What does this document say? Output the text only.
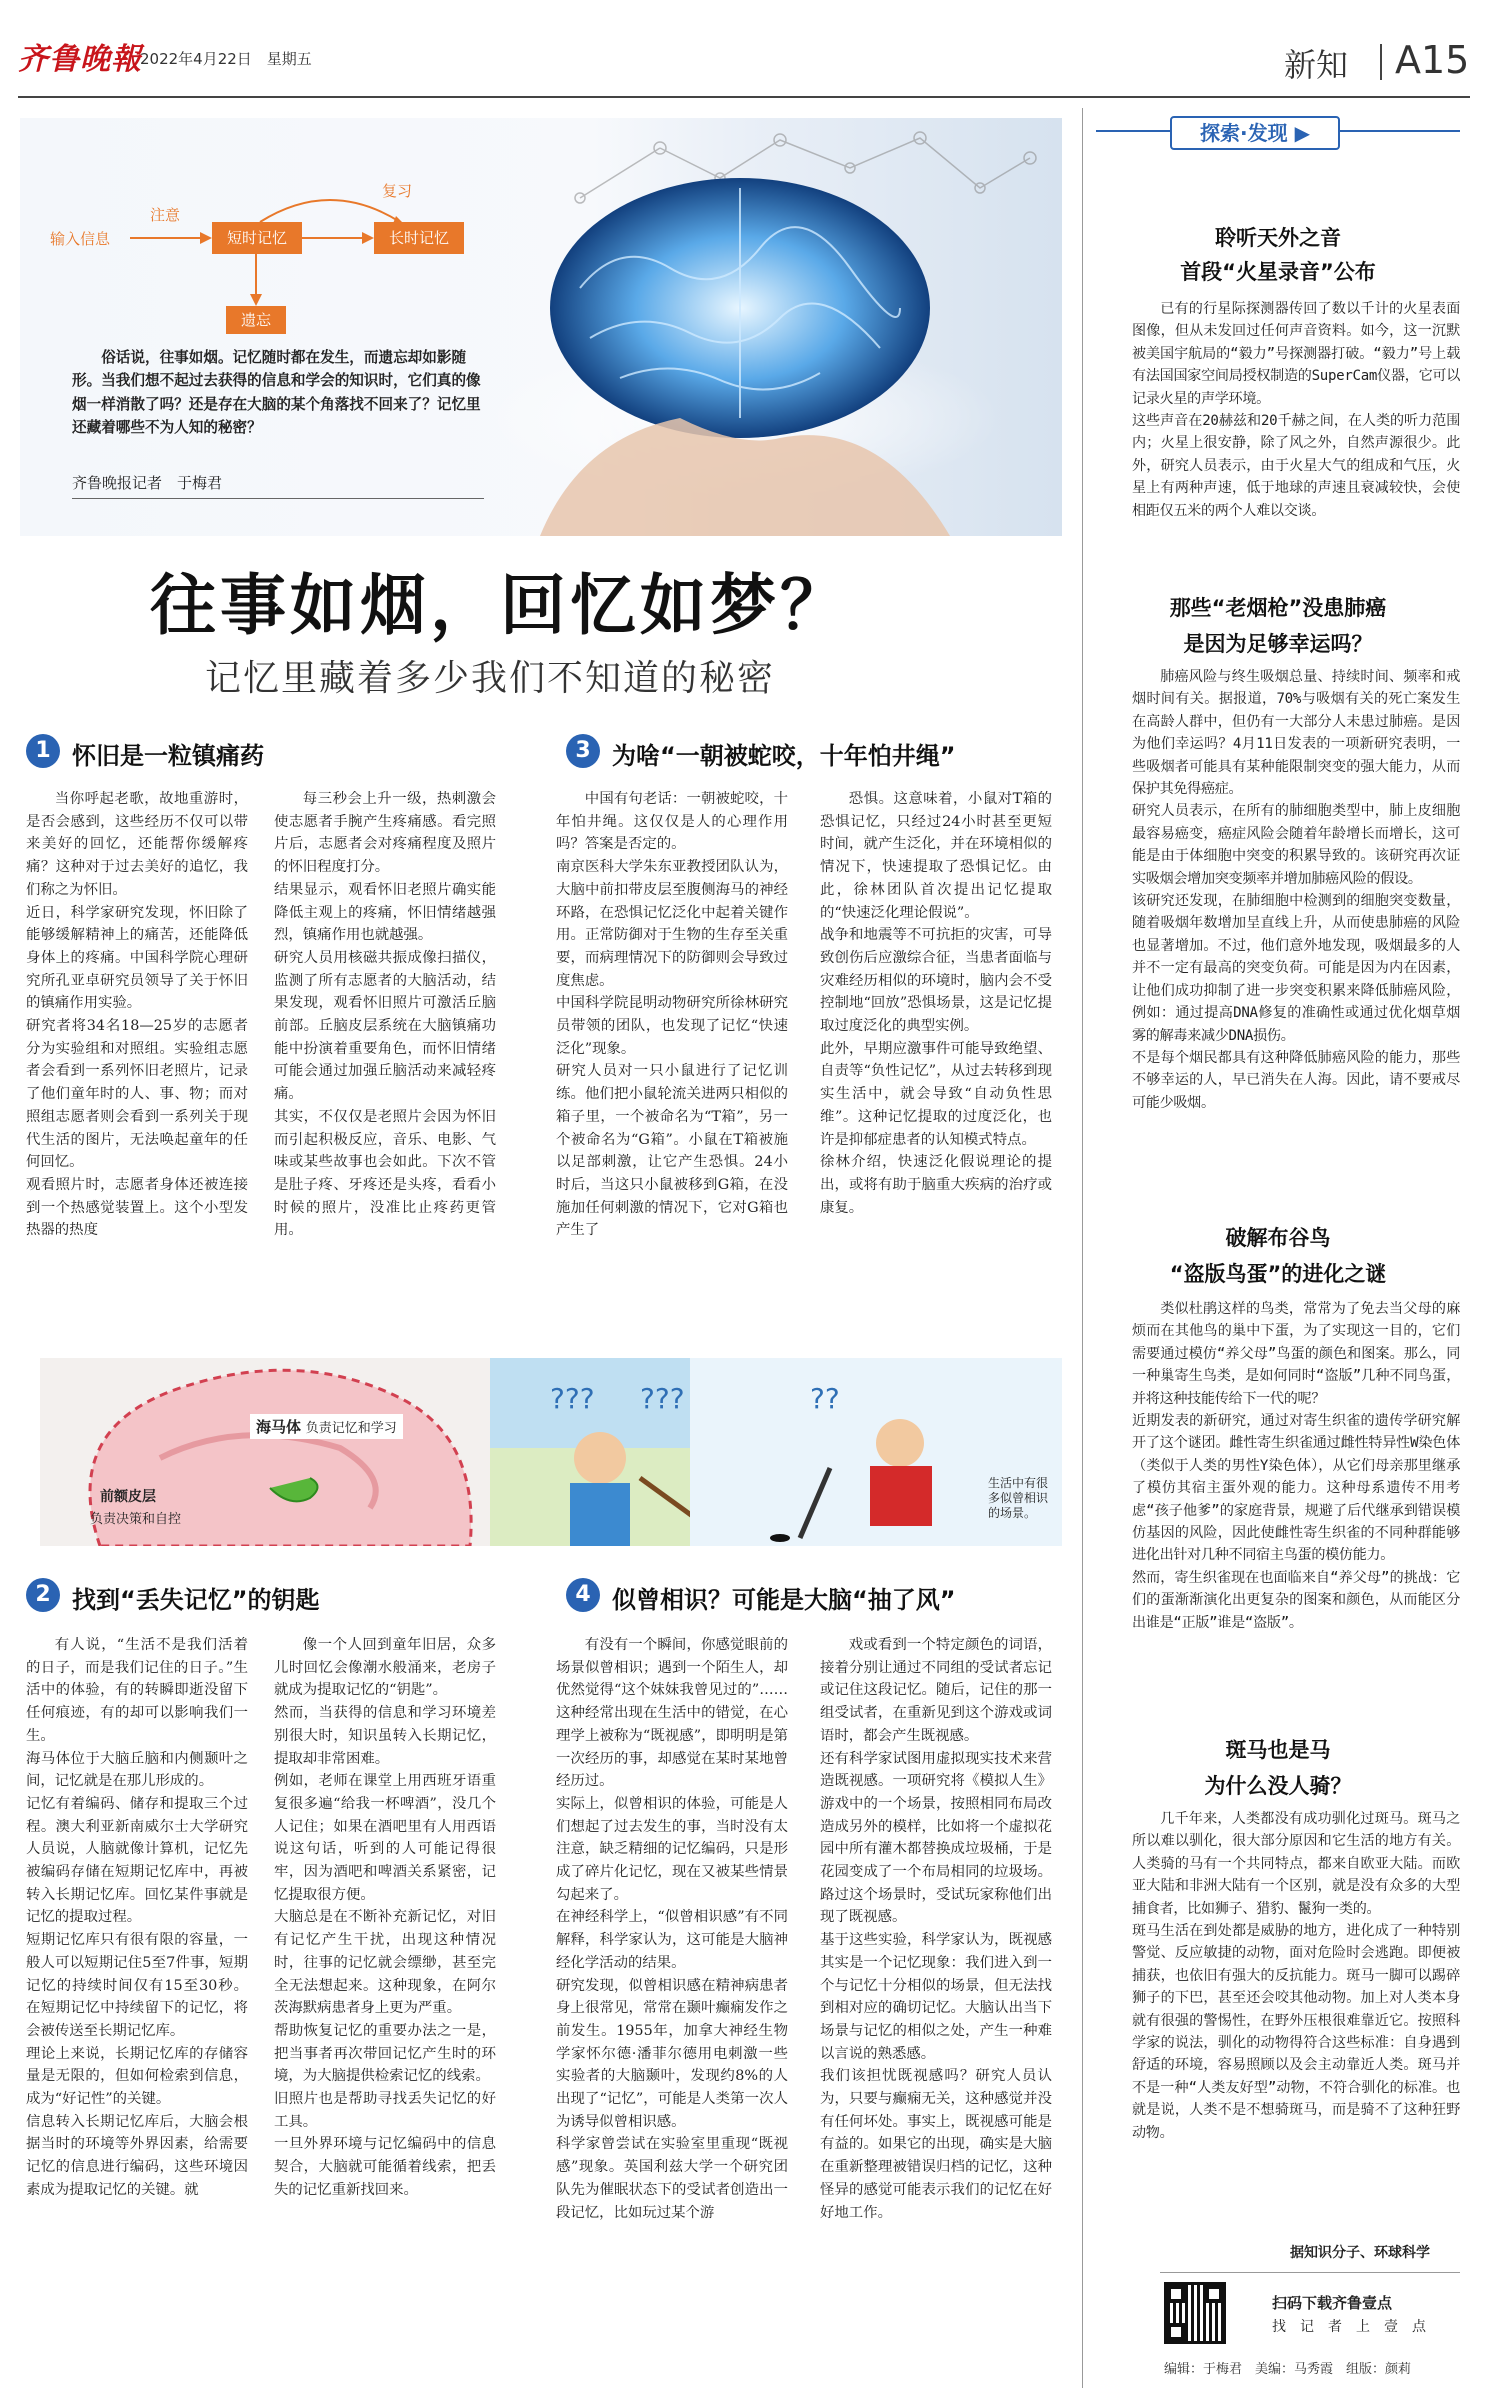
齐鲁晚報
2022年4月22日　星期五	新知 A15
输入信息
注意
短时记忆
复习
长时记忆
遗忘
俗话说，往事如烟。记忆随时都在发生，而遗忘却如影随形。当我们想不起过去获得的信息和学会的知识时，它们真的像烟一样消散了吗？还是存在大脑的某个角落找不回来了？记忆里还藏着哪些不为人知的秘密？
齐鲁晚报记者　于梅君
往事如烟，回忆如梦？
记忆里藏着多少我们不知道的秘密
1 怀旧是一粒镇痛药

当你呼起老歌，故地重游时，是否会感到，这些经历不仅可以带来美好的回忆，还能帮你缓解疼痛？这种对于过去美好的追忆，我们称之为怀旧。
近日，科学家研究发现，怀旧除了能够缓解精神上的痛苦，还能降低身体上的疼痛。中国科学院心理研究所孔亚卓研究员领导了关于怀旧的镇痛作用实验。
研究者将34名18—25岁的志愿者分为实验组和对照组。实验组志愿者会看到一系列怀旧老照片，记录了他们童年时的人、事、物；而对照组志愿者则会看到一系列关于现代生活的图片，无法唤起童年的任何回忆。
观看照片时，志愿者身体还被连接到一个热感觉装置上。这个小型发热器的热度

每三秒会上升一级，热刺激会使志愿者手腕产生疼痛感。看完照片后，志愿者会对疼痛程度及照片的怀旧程度打分。
结果显示，观看怀旧老照片确实能降低主观上的疼痛，怀旧情绪越强烈，镇痛作用也就越强。
研究人员用核磁共振成像扫描仪，监测了所有志愿者的大脑活动，结果发现，观看怀旧照片可激活丘脑前部。丘脑皮层系统在大脑镇痛功能中扮演着重要角色，而怀旧情绪可能会通过加强丘脑活动来减轻疼痛。
其实，不仅仅是老照片会因为怀旧而引起积极反应，音乐、电影、气味或某些故事也会如此。下次不管是肚子疼、牙疼还是头疼，看看小时候的照片，没准比止疼药更管用。

3 为啥“一朝被蛇咬，十年怕井绳”

中国有句老话：一朝被蛇咬，十年怕井绳。这仅仅是人的心理作用吗？答案是否定的。
南京医科大学朱东亚教授团队认为，大脑中前扣带皮层至腹侧海马的神经环路，在恐惧记忆泛化中起着关键作用。正常防御对于生物的生存至关重要，而病理情况下的防御则会导致过度焦虑。
中国科学院昆明动物研究所徐林研究员带领的团队，也发现了记忆“快速泛化”现象。
研究人员对一只小鼠进行了记忆训练。他们把小鼠轮流关进两只相似的箱子里，一个被命名为“T箱”，另一个被命名为“G箱”。小鼠在T箱被施以足部刺激，让它产生恐惧。24小时后，当这只小鼠被移到G箱，在没施加任何刺激的情况下，它对G箱也产生了

恐惧。这意味着，小鼠对T箱的恐惧记忆，只经过24小时甚至更短时间，就产生泛化，并在环境相似的情况下，快速提取了恐惧记忆。由此，徐林团队首次提出记忆提取的“快速泛化理论假说”。
战争和地震等不可抗拒的灾害，可导致创伤后应激综合征，当患者面临与灾难经历相似的环境时，脑内会不受控制地“回放”恐惧场景，这是记忆提取过度泛化的典型实例。
此外，早期应激事件可能导致绝望、自责等“负性记忆”，从过去转移到现实生活中，就会导致“自动负性思维”。这种记忆提取的过度泛化，也许是抑郁症患者的认知模式特点。
徐林介绍，快速泛化假说理论的提出，或将有助于脑重大疾病的治疗或康复。

??? ???	??
海马体 负责记忆和学习
前额皮层
负责决策和自控
生活中有很多似曾相识的场景。
2 找到“丢失记忆”的钥匙

有人说，“生活不是我们活着的日子，而是我们记住的日子。”生活中的体验，有的转瞬即逝没留下任何痕迹，有的却可以影响我们一生。
海马体位于大脑丘脑和内侧颞叶之间，记忆就是在那儿形成的。
记忆有着编码、储存和提取三个过程。澳大利亚新南威尔士大学研究人员说，人脑就像计算机，记忆先被编码存储在短期记忆库中，再被转入长期记忆库。回忆某件事就是记忆的提取过程。
短期记忆库只有很有限的容量，一般人可以短期记住5至7件事，短期记忆的持续时间仅有15至30秒。在短期记忆中持续留下的记忆，将会被传送至长期记忆库。
理论上来说，长期记忆库的存储容量是无限的，但如何检索到信息，成为“好记性”的关键。
信息转入长期记忆库后，大脑会根据当时的环境等外界因素，给需要记忆的信息进行编码，这些环境因素成为提取记忆的关键。就

像一个人回到童年旧居，众多儿时回忆会像潮水般涌来，老房子就成为提取记忆的“钥匙”。
然而，当获得的信息和学习环境差别很大时，知识虽转入长期记忆，提取却非常困难。
例如，老师在课堂上用西班牙语重复很多遍“给我一杯啤酒”，没几个人记住；如果在酒吧里有人用西语说这句话，听到的人可能记得很牢，因为酒吧和啤酒关系紧密，记忆提取很方便。
大脑总是在不断补充新记忆，对旧有记忆产生干扰，出现这种情况时，往事的记忆就会缥缈，甚至完全无法想起来。这种现象，在阿尔茨海默病患者身上更为严重。
帮助恢复记忆的重要办法之一是，把当事者再次带回记忆产生时的环境，为大脑提供检索记忆的线索。
旧照片也是帮助寻找丢失记忆的好工具。
一旦外界环境与记忆编码中的信息契合，大脑就可能循着线索，把丢失的记忆重新找回来。

4 似曾相识？可能是大脑“抽了风”

有没有一个瞬间，你感觉眼前的场景似曾相识；遇到一个陌生人，却优然觉得“这个妹妹我曾见过的”……这种经常出现在生活中的错觉，在心理学上被称为“既视感”，即明明是第一次经历的事，却感觉在某时某地曾经历过。
实际上，似曾相识的体验，可能是人们想起了过去发生的事，当时没有太注意，缺乏精细的记忆编码，只是形成了碎片化记忆，现在又被某些情景勾起来了。
在神经科学上，“似曾相识感”有不同解释，科学家认为，这可能是大脑神经化学活动的结果。
研究发现，似曾相识感在精神病患者身上很常见，常常在颞叶癫痫发作之前发生。1955年，加拿大神经生物学家怀尔德·潘菲尔德用电刺激一些实验者的大脑颞叶，发现约8%的人出现了“记忆”，可能是人类第一次人为诱导似曾相识感。
科学家曾尝试在实验室里重现“既视感”现象。英国利兹大学一个研究团队先为催眠状态下的受试者创造出一段记忆，比如玩过某个游

戏或看到一个特定颜色的词语，接着分别让通过不同组的受试者忘记或记住这段记忆。随后，记住的那一组受试者，在重新见到这个游戏或词语时，都会产生既视感。
还有科学家试图用虚拟现实技术来营造既视感。一项研究将《模拟人生》游戏中的一个场景，按照相同布局改造成另外的模样，比如将一个虚拟花园中所有灌木都替换成垃圾桶，于是花园变成了一个布局相同的垃圾场。路过这个场景时，受试玩家称他们出现了既视感。
基于这些实验，科学家认为，既视感其实是一个记忆现象：我们进入到一个与记忆十分相似的场景，但无法找到相对应的确切记忆。大脑认出当下场景与记忆的相似之处，产生一种难以言说的熟悉感。
我们该担忧既视感吗？研究人员认为，只要与癫痫无关，这种感觉并没有任何坏处。事实上，既视感可能是有益的。如果它的出现，确实是大脑在重新整理被错误归档的记忆，这种怪异的感觉可能表示我们的记忆在好好地工作。

探索·发现 ▶
聆听天外之音
首段“火星录音”公布
已有的行星际探测器传回了数以千计的火星表面图像，但从未发回过任何声音资料。如今，这一沉默被美国宇航局的“毅力”号探测器打破。“毅力”号上载有法国国家空间局授权制造的SuperCam仪器，它可以记录火星的声学环境。
这些声音在20赫兹和20千赫之间，在人类的听力范围内；火星上很安静，除了风之外，自然声源很少。此外，研究人员表示，由于火星大气的组成和气压，火星上有两种声速，低于地球的声速且衰减较快，会使相距仅五米的两个人难以交谈。
那些“老烟枪”没患肺癌
是因为足够幸运吗？
肺癌风险与终生吸烟总量、持续时间、频率和戒烟时间有关。据报道，70%与吸烟有关的死亡案发生在高龄人群中，但仍有一大部分人未患过肺癌。是因为他们幸运吗？4月11日发表的一项新研究表明，一些吸烟者可能具有某种能限制突变的强大能力，从而保护其免得癌症。
研究人员表示，在所有的肺细胞类型中，肺上皮细胞最容易癌变，癌症风险会随着年龄增长而增长，这可能是由于体细胞中突变的积累导致的。该研究再次证实吸烟会增加突变频率并增加肺癌风险的假设。
该研究还发现，在肺细胞中检测到的细胞突变数量，随着吸烟年数增加呈直线上升，从而使患肺癌的风险也显著增加。不过，他们意外地发现，吸烟最多的人并不一定有最高的突变负荷。可能是因为内在因素，让他们成功抑制了进一步突变积累来降低肺癌风险，例如：通过提高DNA修复的准确性或通过优化烟草烟雾的解毒来减少DNA损伤。
不是每个烟民都具有这种降低肺癌风险的能力，那些不够幸运的人，早已消失在人海。因此，请不要戒尽可能少吸烟。
破解布谷鸟
“盗版鸟蛋”的进化之谜
类似杜鹃这样的鸟类，常常为了免去当父母的麻烦而在其他鸟的巢中下蛋，为了实现这一目的，它们需要通过模仿“养父母”鸟蛋的颜色和图案。那么，同一种巢寄生鸟类，是如何同时“盗版”几种不同鸟蛋，并将这种技能传给下一代的呢？
近期发表的新研究，通过对寄生织雀的遗传学研究解开了这个谜团。雌性寄生织雀通过雌性特异性W染色体（类似于人类的男性Y染色体），从它们母亲那里继承了模仿其宿主蛋外观的能力。这种母系遗传不用考虑“孩子他爹”的家庭背景，规避了后代继承到错误模仿基因的风险，因此使雌性寄生织雀的不同种群能够进化出针对几种不同宿主鸟蛋的模仿能力。
然而，寄生织雀现在也面临来自“养父母”的挑战：它们的蛋渐渐演化出更复杂的图案和颜色，从而能区分出谁是“正版”谁是“盗版”。
斑马也是马
为什么没人骑？
几千年来，人类都没有成功驯化过斑马。斑马之所以难以驯化，很大部分原因和它生活的地方有关。人类骑的马有一个共同特点，都来自欧亚大陆。而欧亚大陆和非洲大陆有一个区别，就是没有众多的大型捕食者，比如狮子、猎豹、鬣狗一类的。
斑马生活在到处都是威胁的地方，进化成了一种特别警觉、反应敏捷的动物，面对危险时会逃跑。即便被捕获，也依旧有强大的反抗能力。斑马一脚可以踢碎狮子的下巴，甚至还会咬其他动物。加上对人类本身就有很强的警惕性，在野外压根很难靠近它。按照科学家的说法，驯化的动物得符合这些标准：自身遇到舒适的环境，容易照顾以及会主动靠近人类。斑马并不是一种“人类友好型”动物，不符合驯化的标准。也就是说，人类不是不想骑斑马，而是骑不了这种狂野动物。
据知识分子、环球科学
扫码下载齐鲁壹点
找　记　者　上　壹　点
编辑：于梅君　美编：马秀霞　组版：颜莉
